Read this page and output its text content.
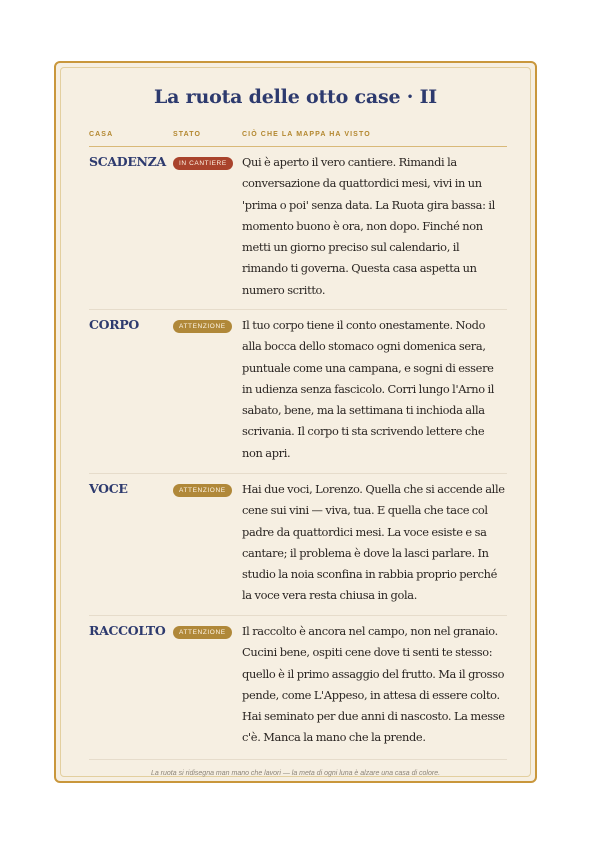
La ruota delle otto case · II
CASA	STATO	CIÒ CHE LA MAPPA HA VISTO
SCADENZA	IN CANTIERE	Qui è aperto il vero cantiere. Rimandi la conversazione da quattordici mesi, vivi in un 'prima o poi' senza data. La Ruota gira bassa: il momento buono è ora, non dopo. Finché non metti un giorno preciso sul calendario, il rimando ti governa. Questa casa aspetta un numero scritto.
CORPO	ATTENZIONE	Il tuo corpo tiene il conto onestamente. Nodo alla bocca dello stomaco ogni domenica sera, puntuale come una campana, e sogni di essere in udienza senza fascicolo. Corri lungo l'Arno il sabato, bene, ma la settimana ti inchioda alla scrivania. Il corpo ti sta scrivendo lettere che non apri.
VOCE	ATTENZIONE	Hai due voci, Lorenzo. Quella che si accende alle cene sui vini — viva, tua. E quella che tace col padre da quattordici mesi. La voce esiste e sa cantare; il problema è dove la lasci parlare. In studio la noia sconfina in rabbia proprio perché la voce vera resta chiusa in gola.
RACCOLTO	ATTENZIONE	Il raccolto è ancora nel campo, non nel granaio. Cucini bene, ospiti cene dove ti senti te stesso: quello è il primo assaggio del frutto. Ma il grosso pende, come L'Appeso, in attesa di essere colto. Hai seminato per due anni di nascosto. La messe c'è. Manca la mano che la prende.
La ruota si ridisegna man mano che lavori — la meta di ogni luna è alzare una casa di colore.
